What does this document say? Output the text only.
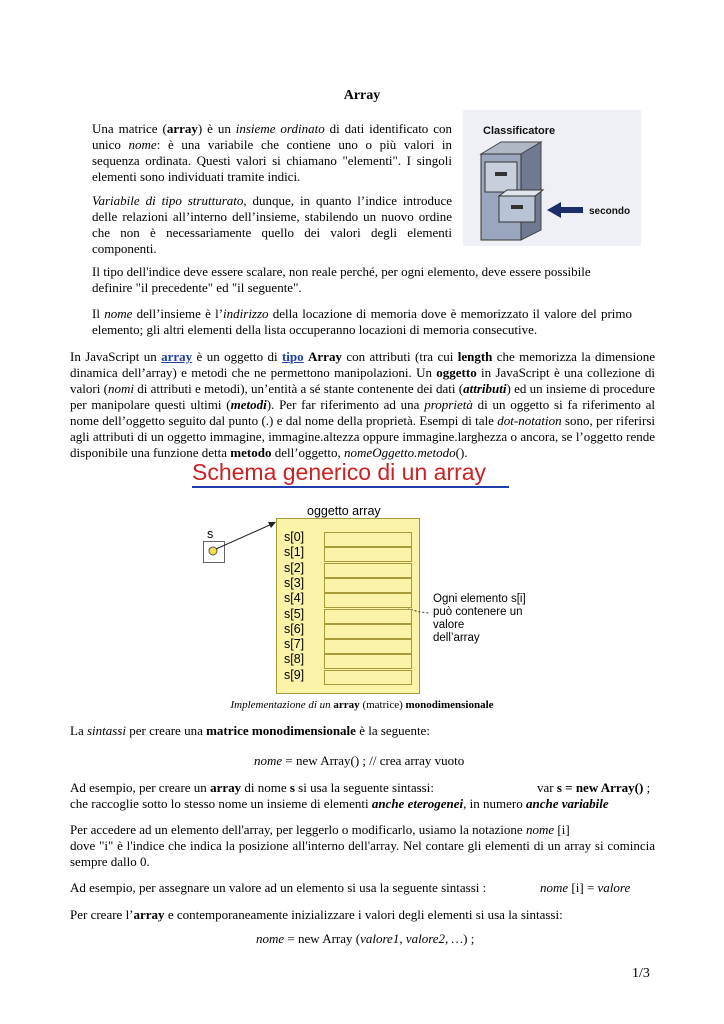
Array
Una matrice (array) è un insieme ordinato di dati identificato con unico nome: è una variabile che contiene uno o più valori in sequenza ordinata. Questi valori si chiamano "elementi". I singoli elementi sono individuati tramite indici.
Variabile di tipo strutturato, dunque, in quanto l’indice introduce delle relazioni all’interno dell’insieme, stabilendo un nuovo ordine che non è necessariamente quello dei valori degli elementi componenti.
Classificatore
secondo
Il tipo dell'indice deve essere scalare, non reale perché, per ogni elemento, deve essere possibile definire "il precedente" ed "il seguente".
Il nome dell’insieme è l’indirizzo della locazione di memoria dove è memorizzato il valore del primo elemento; gli altri elementi della lista occuperanno locazioni di memoria consecutive.
In JavaScript un array è un oggetto di tipo Array con attributi (tra cui length che memorizza la dimensione dinamica dell’array) e metodi che ne permettono manipolazioni. Un oggetto in JavaScript è una collezione di valori (nomi di attributi e metodi), un’entità a sé stante contenente dei dati (attributi) ed un insieme di procedure per manipolare questi ultimi (metodi). Per far riferimento ad una proprietà di un oggetto si fa riferimento al nome dell’oggetto seguito dal punto (.) e dal nome della proprietà. Esempi di tale dot-notation sono, per riferirsi agli attributi di un oggetto immagine, immagine.altezza oppure immagine.larghezza o ancora, se l’oggetto rende disponibile una funzione detta metodo dell’oggetto, nomeOggetto.metodo().
Schema generico di un array
oggetto array
s	s[0]
s[1]
s[2]
s[3]
s[4]
s[5]
s[6]
s[7]
s[8]
s[9]
Ogni elemento s[i]
può contenere un
valore
dell’array
Implementazione di un array (matrice) monodimensionale
La sintassi per creare una matrice monodimensionale è la seguente:
nome = new Array() ; // crea array vuoto
Ad esempio, per creare un array di nome s si usa la seguente sintassi:	var s = new Array() ;
che raccoglie sotto lo stesso nome un insieme di elementi anche eterogenei, in numero anche variabile
Per accedere ad un elemento dell'array, per leggerlo o modificarlo, usiamo la notazione nome [i]
dove "i" è l'indice che indica la posizione all'interno dell'array. Nel contare gli elementi di un array si comincia sempre dallo 0.
Ad esempio, per assegnare un valore ad un elemento si usa la seguente sintassi :	nome [i] = valore
Per creare l’array e contemporaneamente inizializzare i valori degli elementi si usa la sintassi:
nome = new Array (valore1, valore2, …) ;
1/3
